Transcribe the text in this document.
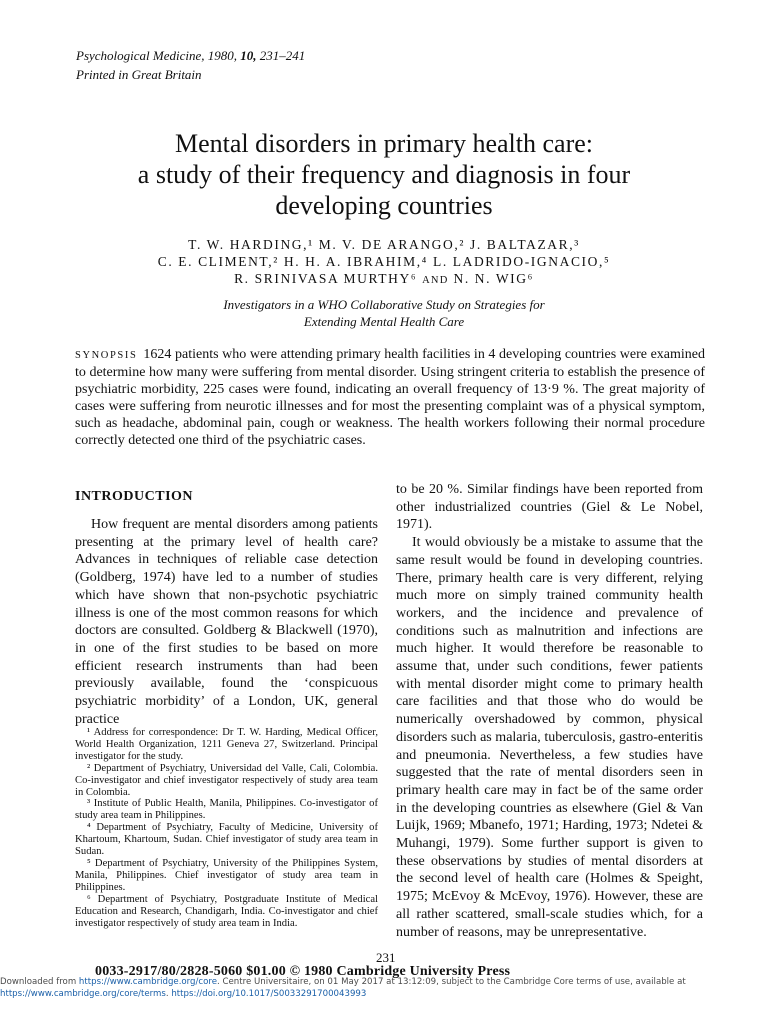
Psychological Medicine, 1980, 10, 231–241
Printed in Great Britain
Mental disorders in primary health care:
a study of their frequency and diagnosis in four
developing countries
T. W. HARDING,¹ M. V. DE ARANGO,² J. BALTAZAR,³
C. E. CLIMENT,² H. H. A. IBRAHIM,⁴ L. LADRIDO-IGNACIO,⁵
R. SRINIVASA MURTHY⁶ AND N. N. WIG⁶
Investigators in a WHO Collaborative Study on Strategies for
Extending Mental Health Care
SYNOPSIS 1624 patients who were attending primary health facilities in 4 developing countries were examined to determine how many were suffering from mental disorder. Using stringent criteria to establish the presence of psychiatric morbidity, 225 cases were found, indicating an overall frequency of 13·9 %. The great majority of cases were suffering from neurotic illnesses and for most the presenting complaint was of a physical symptom, such as headache, abdominal pain, cough or weakness. The health workers following their normal procedure correctly detected one third of the psychiatric cases.
INTRODUCTION

How frequent are mental disorders among patients presenting at the primary level of health care? Advances in techniques of reliable case detection (Goldberg, 1974) have led to a number of studies which have shown that non-psychotic psychiatric illness is one of the most common reasons for which doctors are consulted. Goldberg & Blackwell (1970), in one of the first studies to be based on more efficient research instruments than had been previously available, found the ‘conspicuous psychiatric morbidity’ of a London, UK, general practice

¹ Address for correspondence: Dr T. W. Harding, Medical Officer, World Health Organization, 1211 Geneva 27, Switzerland. Principal investigator for the study.

² Department of Psychiatry, Universidad del Valle, Cali, Colombia. Co-investigator and chief investigator respectively of study area team in Colombia.

³ Institute of Public Health, Manila, Philippines. Co-investigator of study area team in Philippines.

⁴ Department of Psychiatry, Faculty of Medicine, University of Khartoum, Khartoum, Sudan. Chief investigator of study area team in Sudan.

⁵ Department of Psychiatry, University of the Philippines System, Manila, Philippines. Chief investigator of study area team in Philippines.

⁶ Department of Psychiatry, Postgraduate Institute of Medical Education and Research, Chandigarh, India. Co-investigator and chief investigator respectively of study area team in India.

to be 20 %. Similar findings have been reported from other industrialized countries (Giel & Le Nobel, 1971).

It would obviously be a mistake to assume that the same result would be found in developing countries. There, primary health care is very different, relying much more on simply trained community health workers, and the incidence and prevalence of conditions such as malnutrition and infections are much higher. It would therefore be reasonable to assume that, under such conditions, fewer patients with mental disorder might come to primary health care facilities and that those who do would be numerically overshadowed by common, physical disorders such as malaria, tuberculosis, gastro-enteritis and pneumonia. Nevertheless, a few studies have suggested that the rate of mental disorders seen in primary health care may in fact be of the same order in the developing countries as elsewhere (Giel & Van Luijk, 1969; Mbanefo, 1971; Harding, 1973; Ndetei & Muhangi, 1979). Some further support is given to these observations by studies of mental disorders at the second level of health care (Holmes & Speight, 1975; McEvoy & McEvoy, 1976). However, these are all rather scattered, small-scale studies which, for a number of reasons, may be unrepresentative.

231
0033-2917/80/2828-5060 $01.00 © 1980 Cambridge University Press
Downloaded from https://www.cambridge.org/core. Centre Universitaire, on 01 May 2017 at 13:12:09, subject to the Cambridge Core terms of use, available at
https://www.cambridge.org/core/terms. https://doi.org/10.1017/S0033291700043993
